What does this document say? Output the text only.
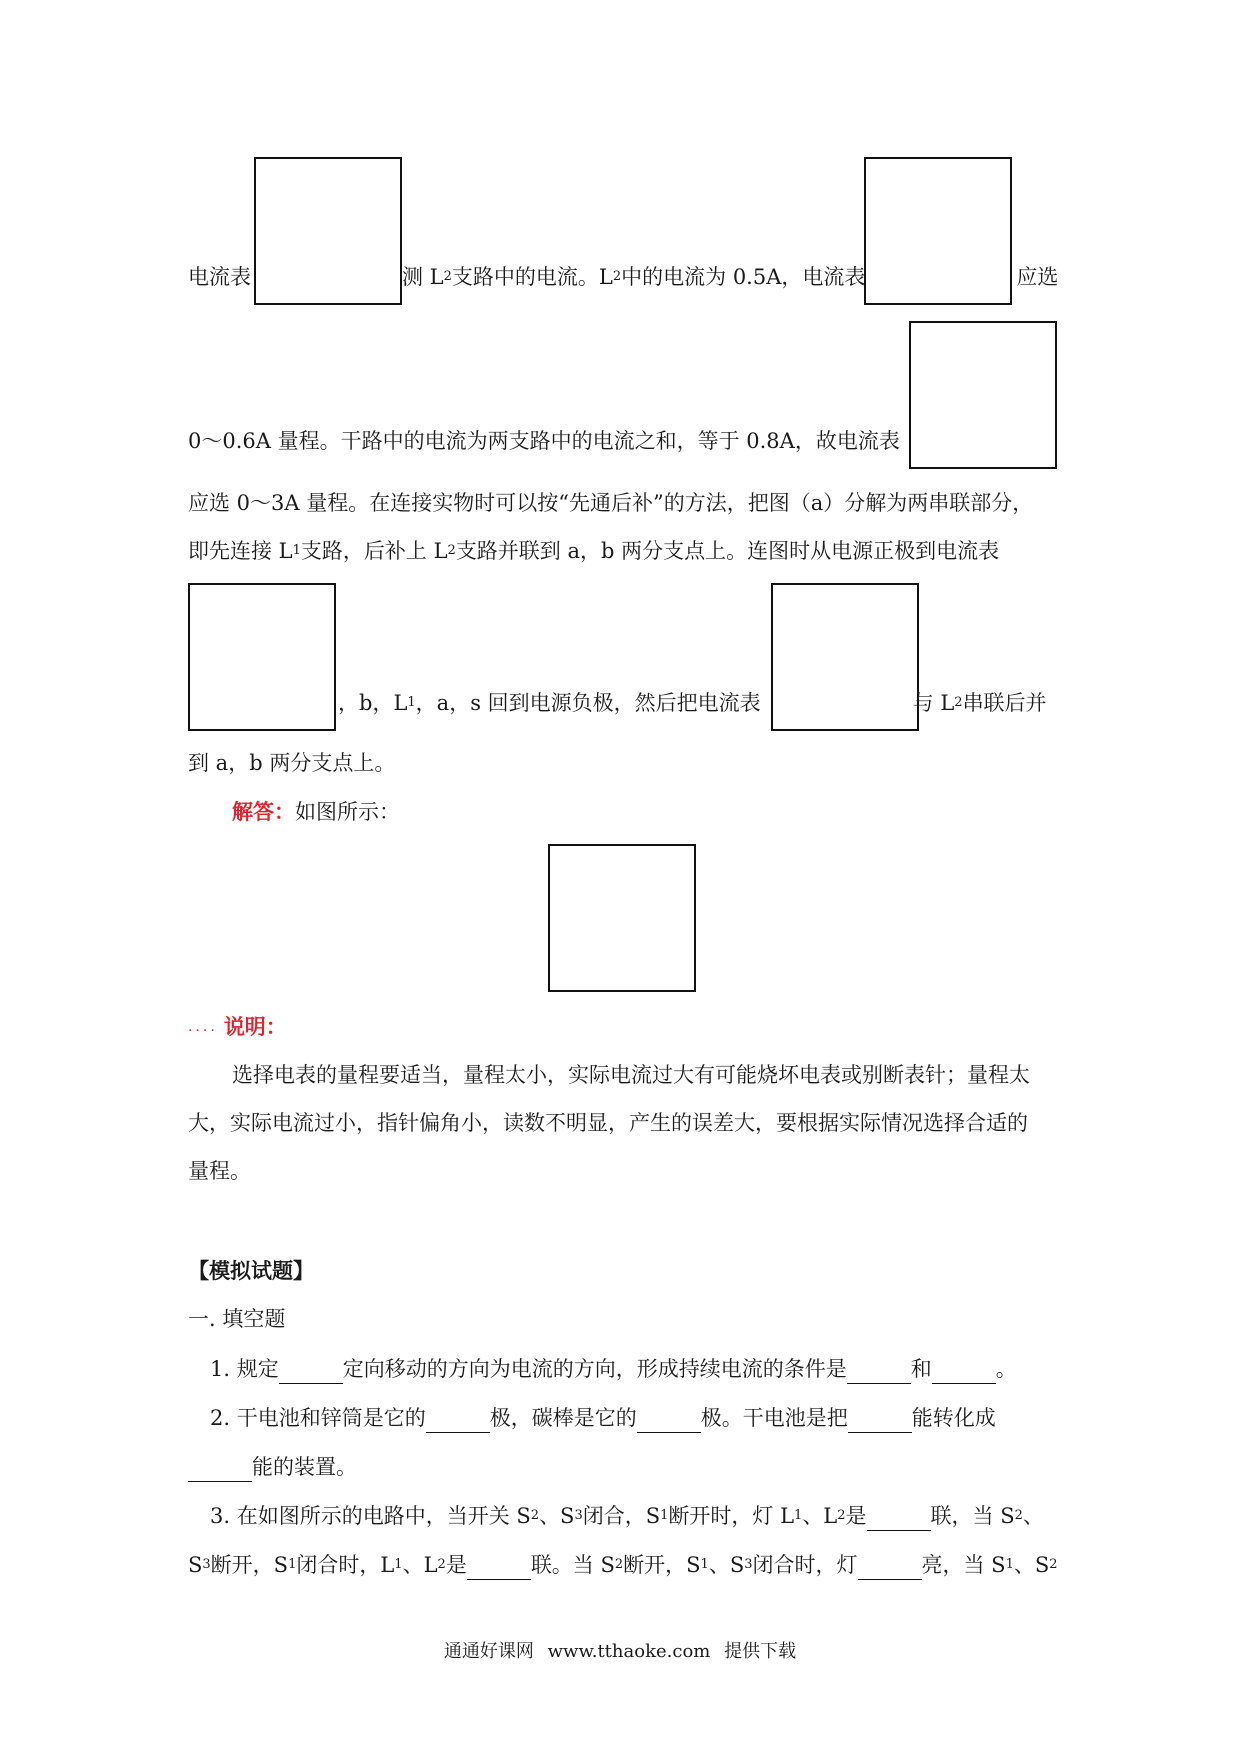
电流表	测 L 2 支路中的电流。L 2 中的电流为 0.5A，电流表	应选
0～0.6A 量程。干路中的电流为两支路中的电流之和，等于 0.8A，故电流表
应选 0～3A 量程。在连接实物时可以按“先通后补”的方法，把图（a）分解为两串联部分，
即先连接 L 1 支路，后补上 L 2 支路并联到 a，b 两分支点上。连图时从电源正极到电流表
，b，L 1 ，a，s 回到电源负极，然后把电流表	与 L 2 串联后并
到 a，b 两分支点上。
解答： 如图所示：
.... 说明：
选择电表的量程要适当，量程太小，实际电流过大有可能烧坏电表或别断表针；量程太
大，实际电流过小，指针偏角小，读数不明显，产生的误差大，要根据实际情况选择合适的
量程。
【模拟试题】
一. 填空题
1. 规定	定向移动的方向为电流的方向，形成持续电流的条件是	和	。
2. 干电池和锌筒是它的	极，碳棒是它的	极。干电池是把	能转化成
能的装置。
3. 在如图所示的电路中，当开关 S 2 、S 3 闭合，S 1 断开时，灯 L 1 、L 2 是	联，当 S 2 、
S 3 断开，S 1 闭合时，L 1 、L 2 是	联。当 S 2 断开，S 1 、S 3 闭合时，灯	亮，当 S 1 、S 2
通通好课网 www.tthaoke.com 提供下载
